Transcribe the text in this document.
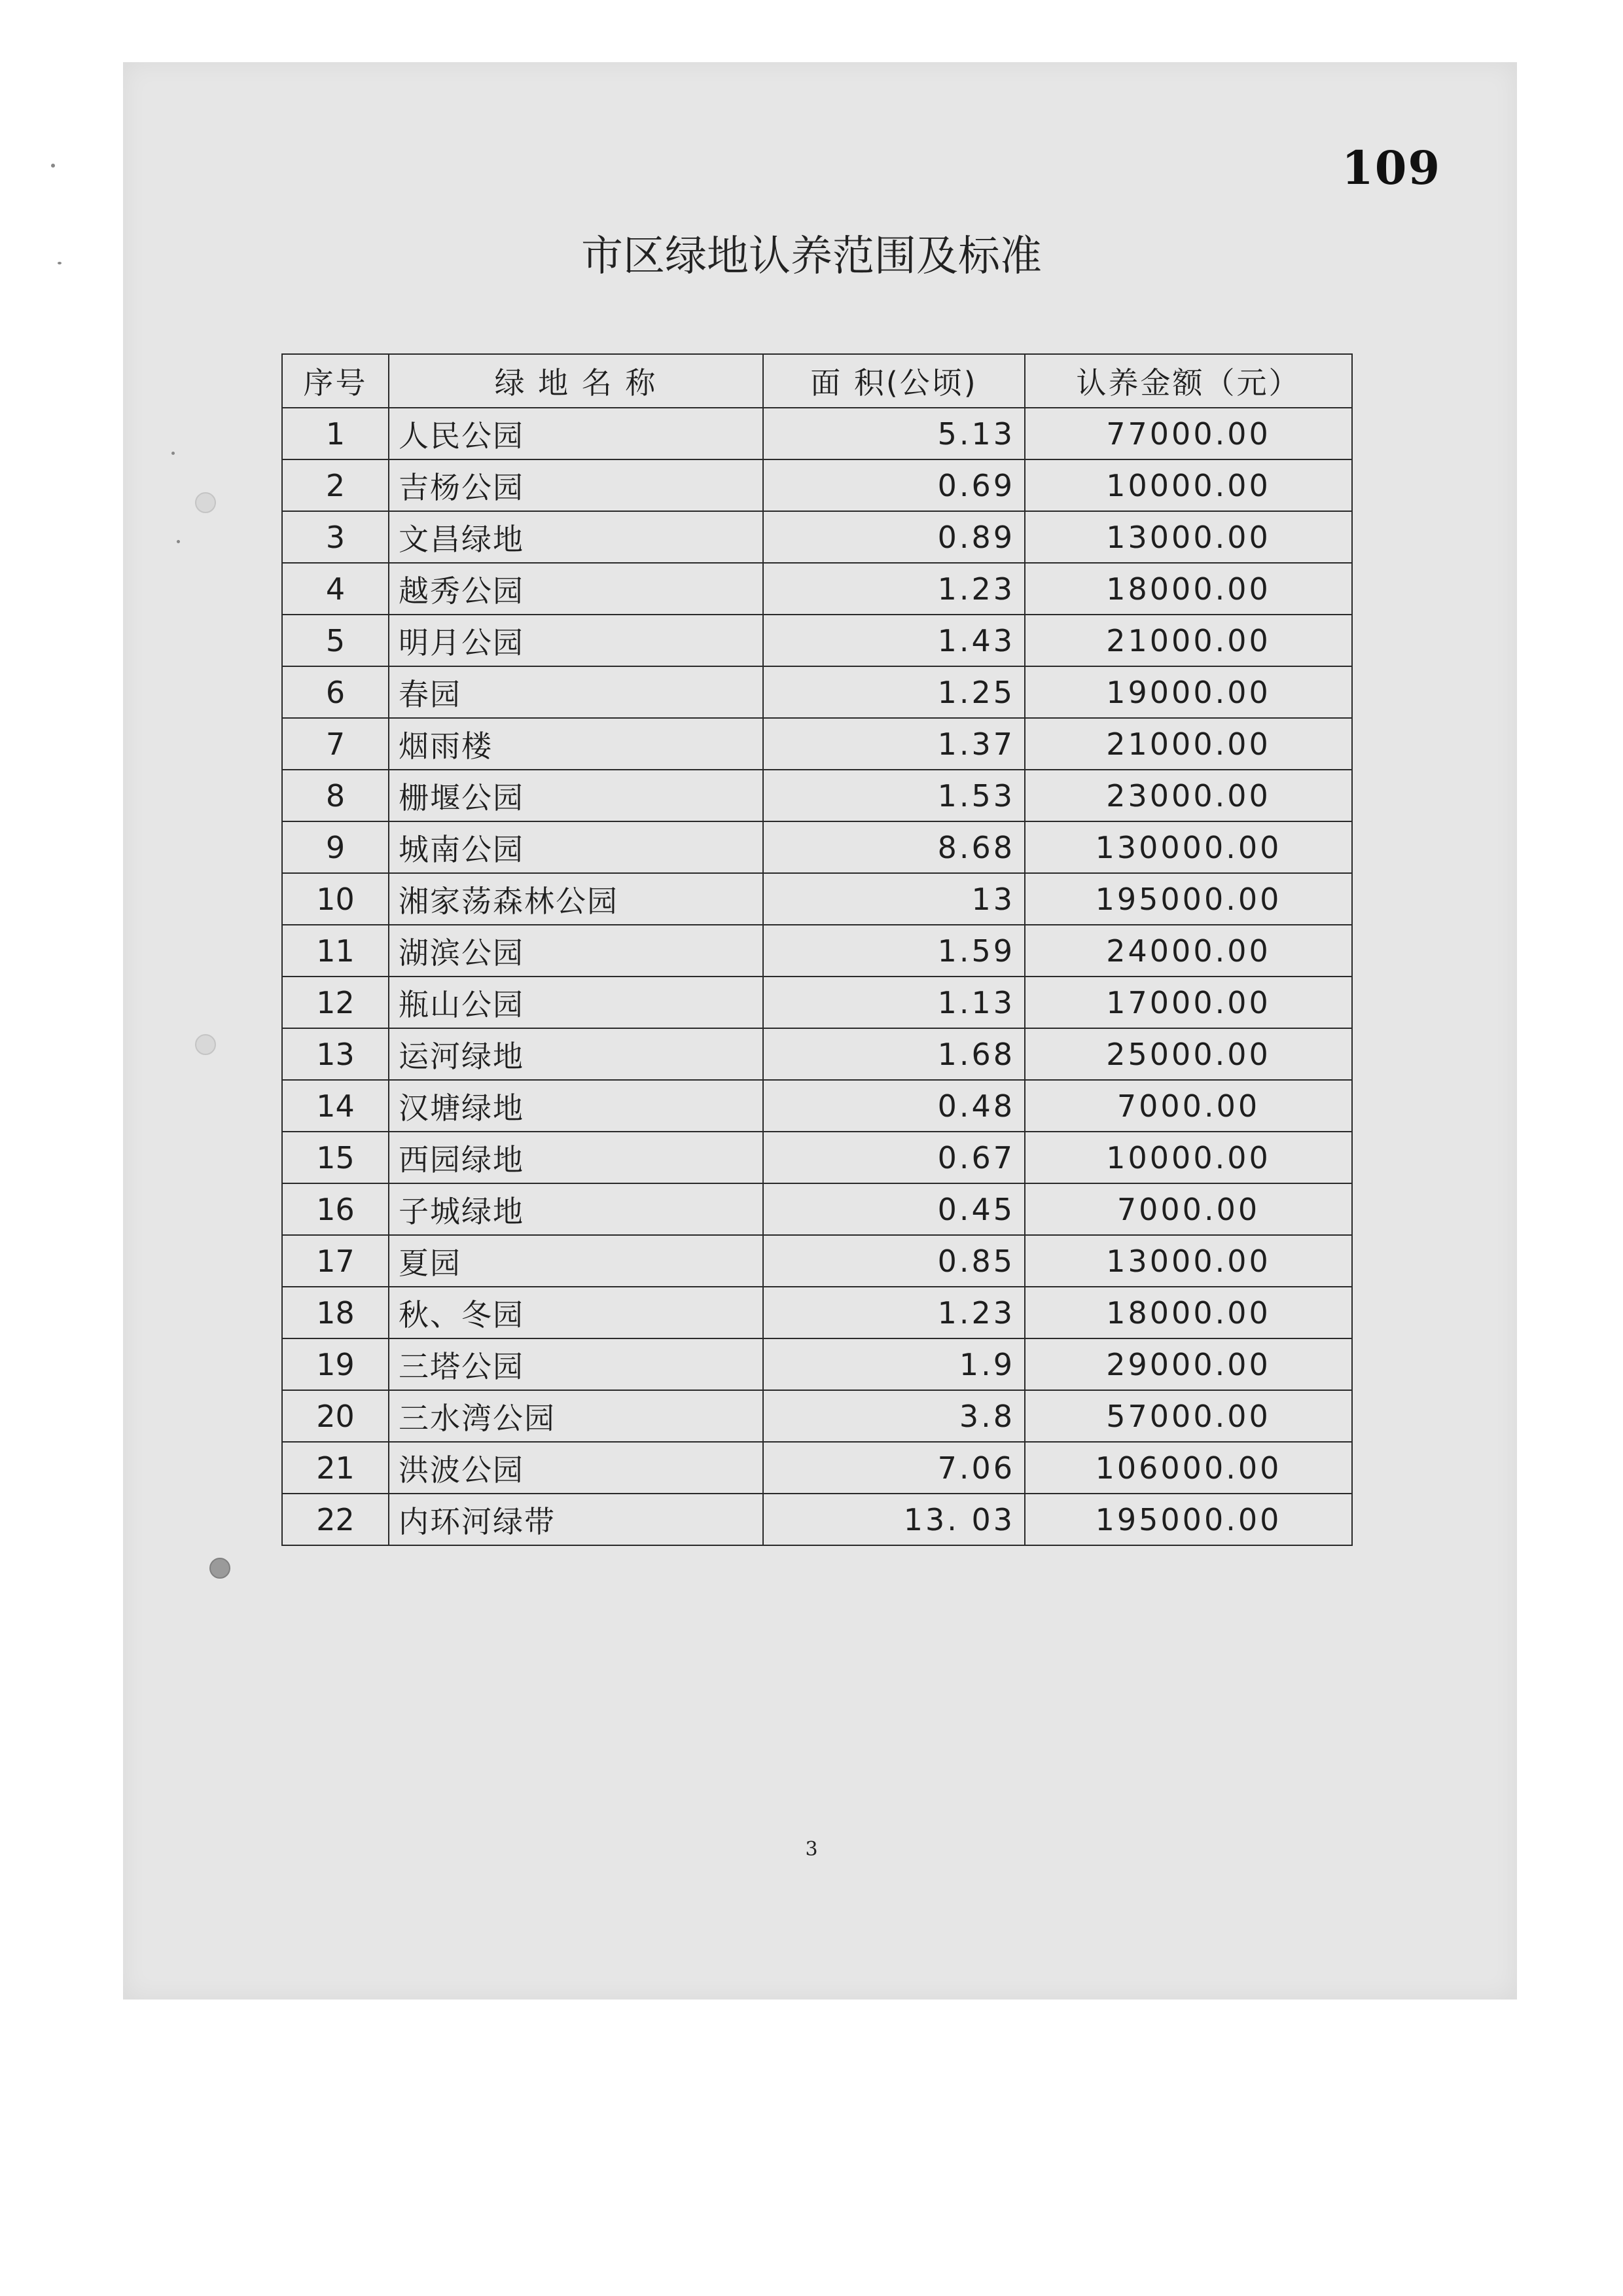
109
市区绿地认养范围及标准
序号	绿 地 名 称	面 积(公顷)	认养金额（元）
1	人民公园	5.13	77000.00
2	吉杨公园	0.69	10000.00
3	文昌绿地	0.89	13000.00
4	越秀公园	1.23	18000.00
5	明月公园	1.43	21000.00
6	春园	1.25	19000.00
7	烟雨楼	1.37	21000.00
8	栅堰公园	1.53	23000.00
9	城南公园	8.68	130000.00
10	湘家荡森林公园	13	195000.00
11	湖滨公园	1.59	24000.00
12	瓶山公园	1.13	17000.00
13	运河绿地	1.68	25000.00
14	汉塘绿地	0.48	7000.00
15	西园绿地	0.67	10000.00
16	子城绿地	0.45	7000.00
17	夏园	0.85	13000.00
18	秋、冬园	1.23	18000.00
19	三塔公园	1.9	29000.00
20	三水湾公园	3.8	57000.00
21	洪波公园	7.06	106000.00
22	内环河绿带	13. 03	195000.00
3
